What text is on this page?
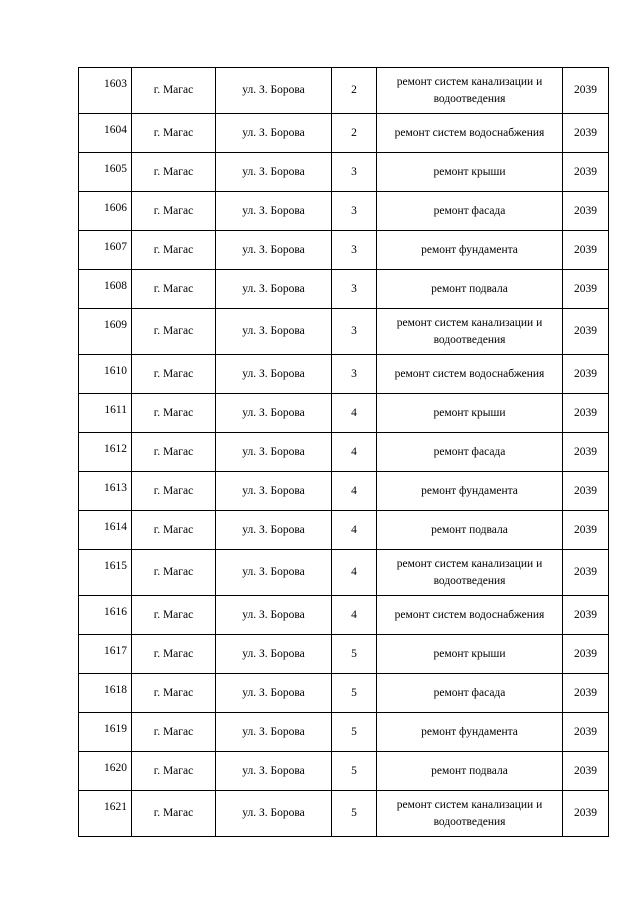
1603	г. Магас	ул. З. Борова	2	ремонт систем канализации и водоотведения	2039
1604	г. Магас	ул. З. Борова	2	ремонт систем водоснабжения	2039
1605	г. Магас	ул. З. Борова	3	ремонт крыши	2039
1606	г. Магас	ул. З. Борова	3	ремонт фасада	2039
1607	г. Магас	ул. З. Борова	3	ремонт фундамента	2039
1608	г. Магас	ул. З. Борова	3	ремонт подвала	2039
1609	г. Магас	ул. З. Борова	3	ремонт систем канализации и водоотведения	2039
1610	г. Магас	ул. З. Борова	3	ремонт систем водоснабжения	2039
1611	г. Магас	ул. З. Борова	4	ремонт крыши	2039
1612	г. Магас	ул. З. Борова	4	ремонт фасада	2039
1613	г. Магас	ул. З. Борова	4	ремонт фундамента	2039
1614	г. Магас	ул. З. Борова	4	ремонт подвала	2039
1615	г. Магас	ул. З. Борова	4	ремонт систем канализации и водоотведения	2039
1616	г. Магас	ул. З. Борова	4	ремонт систем водоснабжения	2039
1617	г. Магас	ул. З. Борова	5	ремонт крыши	2039
1618	г. Магас	ул. З. Борова	5	ремонт фасада	2039
1619	г. Магас	ул. З. Борова	5	ремонт фундамента	2039
1620	г. Магас	ул. З. Борова	5	ремонт подвала	2039
1621	г. Магас	ул. З. Борова	5	ремонт систем канализации и водоотведения	2039
